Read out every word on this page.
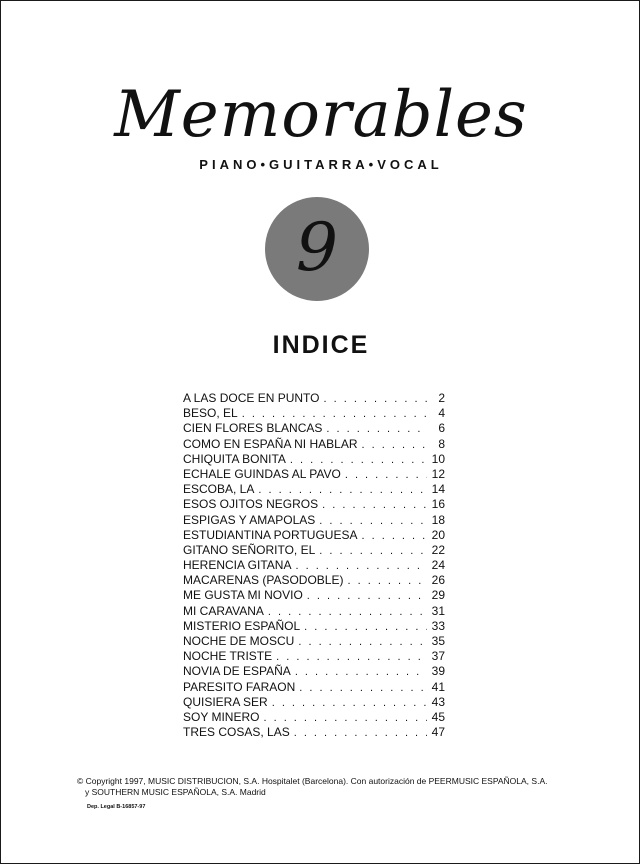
Memorables
PIANO•GUITARRA•VOCAL
9
INDICE
A LAS DOCE EN PUNTO . . .	2
BESO, EL . . .	4
CIEN FLORES BLANCAS . . .	6
COMO EN ESPAÑA NI HABLAR . . .	8
CHIQUITA BONITA . . .	10
ECHALE GUINDAS AL PAVO . . .	12
ESCOBA, LA . . .	14
ESOS OJITOS NEGROS . . .	16
ESPIGAS Y AMAPOLAS . . .	18
ESTUDIANTINA PORTUGUESA . . .	20
GITANO SEÑORITO, EL . . .	22
HERENCIA GITANA . . .	24
MACARENAS (PASODOBLE) . . .	26
ME GUSTA MI NOVIO . . .	29
MI CARAVANA . . .	31
MISTERIO ESPAÑOL . . .	33
NOCHE DE MOSCU . . .	35
NOCHE TRISTE . . .	37
NOVIA DE ESPAÑA . . .	39
PARESITO FARAON . . .	41
QUISIERA SER . . .	43
SOY MINERO . . .	45
TRES COSAS, LAS . . .	47
© Copyright 1997, MUSIC DISTRIBUCION, S.A. Hospitalet (Barcelona). Con autorización de PEERMUSIC ESPAÑOLA, S.A.
y SOUTHERN MUSIC ESPAÑOLA, S.A. Madrid
Dep. Legal B-16857-97
